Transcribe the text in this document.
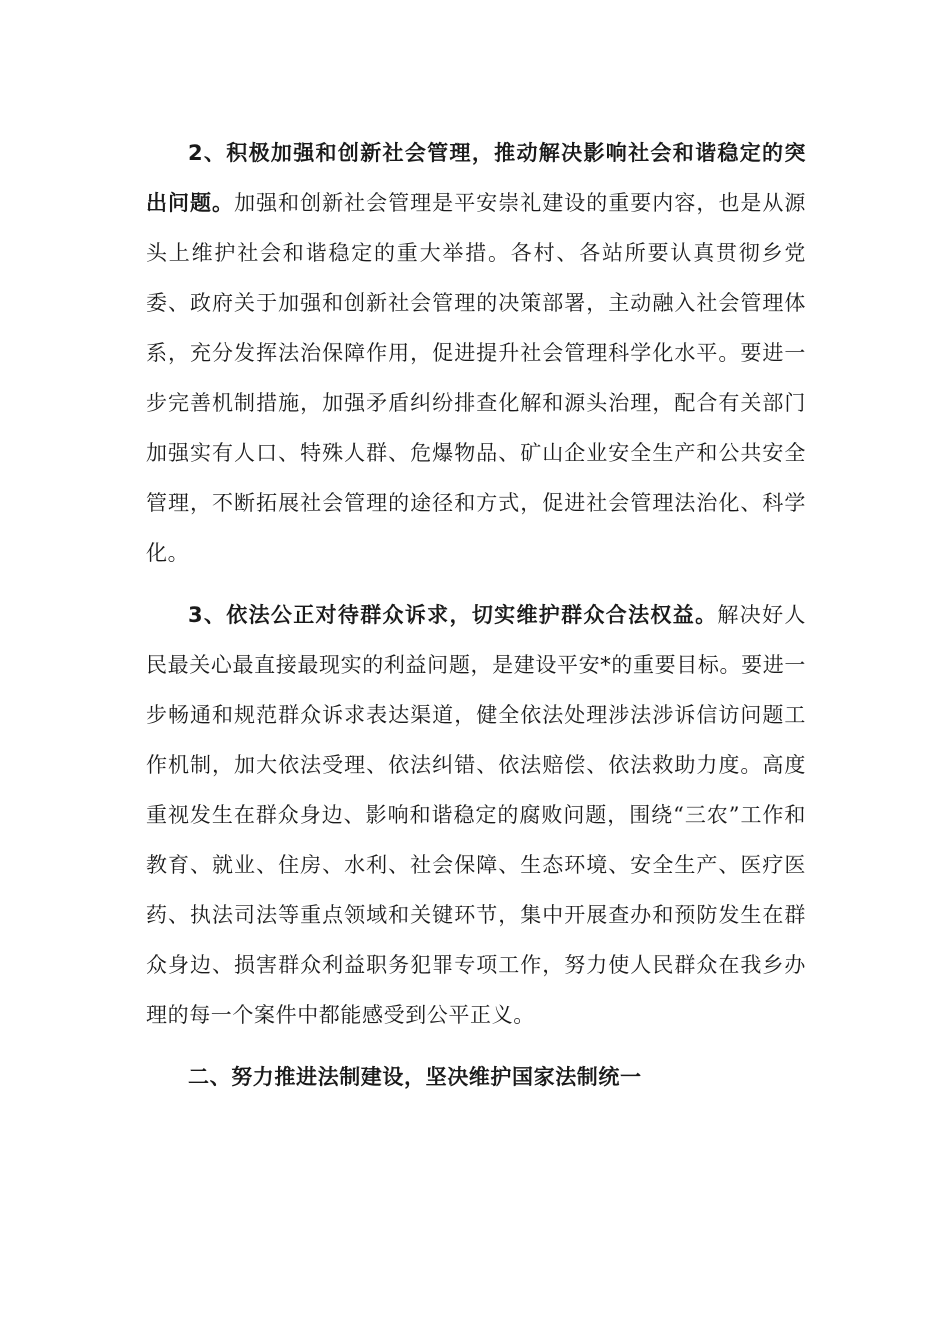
2、积极加强和创新社会管理，推动解决影响社会和谐稳定的突出问题。加强和创新社会管理是平安崇礼建设的重要内容，也是从源头上维护社会和谐稳定的重大举措。各村、各站所要认真贯彻乡党委、政府关于加强和创新社会管理的决策部署，主动融入社会管理体系，充分发挥法治保障作用，促进提升社会管理科学化水平。要进一步完善机制措施，加强矛盾纠纷排查化解和源头治理，配合有关部门加强实有人口、特殊人群、危爆物品、矿山企业安全生产和公共安全管理，不断拓展社会管理的途径和方式，促进社会管理法治化、科学化。

3、依法公正对待群众诉求，切实维护群众合法权益。解决好人民最关心最直接最现实的利益问题，是建设平安*的重要目标。要进一步畅通和规范群众诉求表达渠道，健全依法处理涉法涉诉信访问题工作机制，加大依法受理、依法纠错、依法赔偿、依法救助力度。高度重视发生在群众身边、影响和谐稳定的腐败问题，围绕“三农”工作和教育、就业、住房、水利、社会保障、生态环境、安全生产、医疗医药、执法司法等重点领域和关键环节，集中开展查办和预防发生在群众身边、损害群众利益职务犯罪专项工作，努力使人民群众在我乡办理的每一个案件中都能感受到公平正义。

二、努力推进法制建设，坚决维护国家法制统一
